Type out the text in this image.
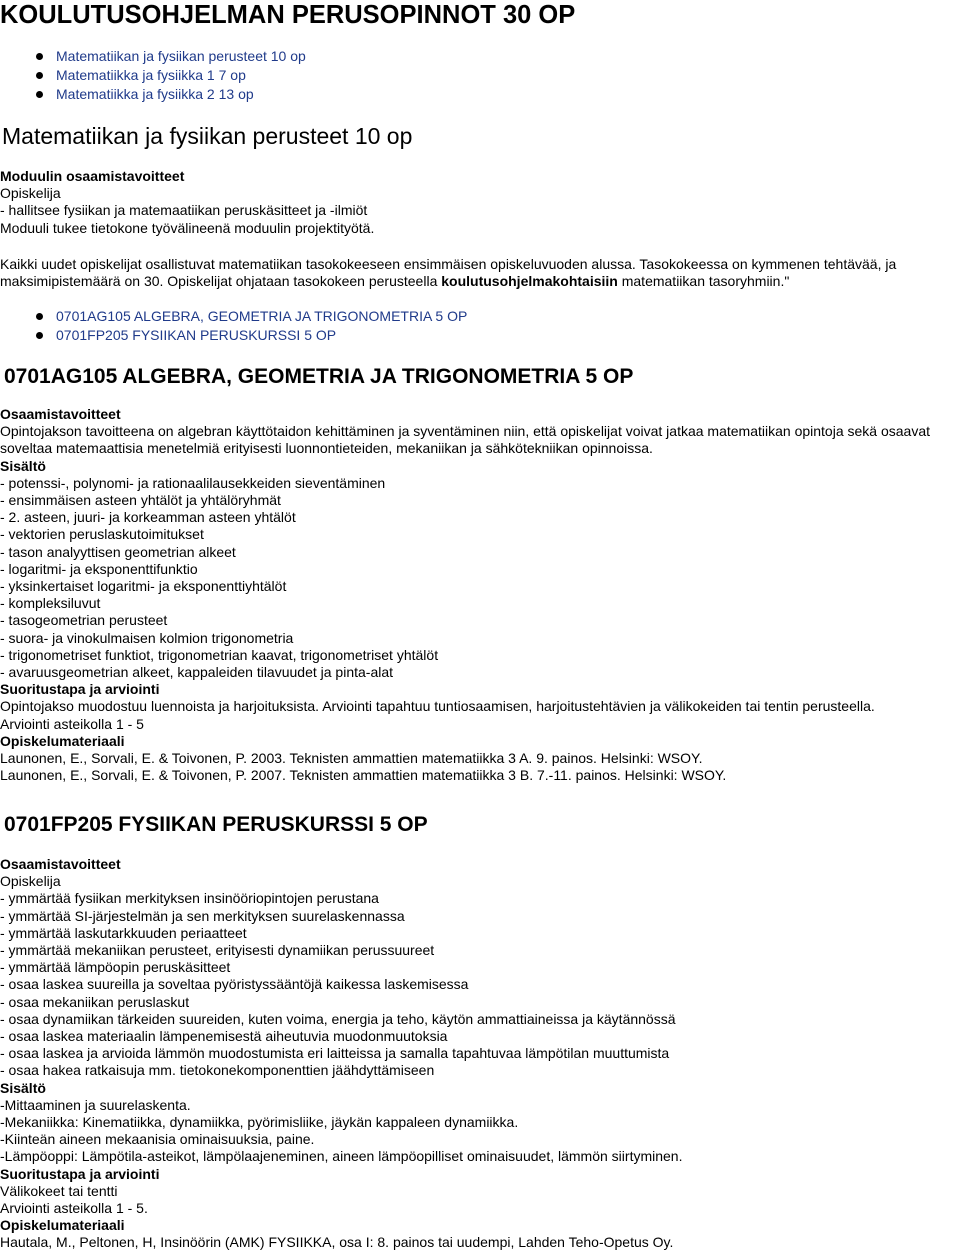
KOULUTUSOHJELMAN PERUSOPINNOT 30 OP
Matematiikan ja fysiikan perusteet 10 op
Matematiikka ja fysiikka 1 7 op
Matematiikka ja fysiikka 2 13 op
Matematiikan ja fysiikan perusteet 10 op
Moduulin osaamistavoitteet
Opiskelija
- hallitsee fysiikan ja matemaatiikan peruskäsitteet ja -ilmiöt
Moduuli tukee tietokone työvälineenä moduulin projektityötä.
Kaikki uudet opiskelijat osallistuvat matematiikan tasokokeeseen ensimmäisen opiskeluvuoden alussa. Tasokokeessa on kymmenen tehtävää, ja maksimipistemäärä on 30. Opiskelijat ohjataan tasokokeen perusteella koulutusohjelmakohtaisiin matematiikan tasoryhmiin."
0701AG105 ALGEBRA, GEOMETRIA JA TRIGONOMETRIA 5 OP
0701FP205 FYSIIKAN PERUSKURSSI 5 OP
0701AG105 ALGEBRA, GEOMETRIA JA TRIGONOMETRIA 5 OP
Osaamistavoitteet
Opintojakson tavoitteena on algebran käyttötaidon kehittäminen ja syventäminen niin, että opiskelijat voivat jatkaa matematiikan opintoja sekä osaavat soveltaa matemaattisia menetelmiä erityisesti luonnontieteiden, mekaniikan ja sähkötekniikan opinnoissa.
Sisältö
- potenssi-, polynomi- ja rationaalilausekkeiden sieventäminen
- ensimmäisen asteen yhtälöt ja yhtälöryhmät
- 2. asteen, juuri- ja korkeamman asteen yhtälöt
- vektorien peruslaskutoimitukset
- tason analyyttisen geometrian alkeet
- logaritmi- ja eksponenttifunktio
- yksinkertaiset logaritmi- ja eksponenttiyhtälöt
- kompleksiluvut
- tasogeometrian perusteet
- suora- ja vinokulmaisen kolmion trigonometria
- trigonometriset funktiot, trigonometrian kaavat, trigonometriset yhtälöt
- avaruusgeometrian alkeet, kappaleiden tilavuudet ja pinta-alat
Suoritustapa ja arviointi
Opintojakso muodostuu luennoista ja harjoituksista. Arviointi tapahtuu tuntiosaamisen, harjoitustehtävien ja välikokeiden tai tentin perusteella.
Arviointi asteikolla 1 - 5
Opiskelumateriaali
Launonen, E., Sorvali, E. & Toivonen, P. 2003. Teknisten ammattien matematiikka 3 A. 9. painos. Helsinki: WSOY.
Launonen, E., Sorvali, E. & Toivonen, P. 2007. Teknisten ammattien matematiikka 3 B. 7.-11. painos. Helsinki: WSOY.
0701FP205 FYSIIKAN PERUSKURSSI 5 OP
Osaamistavoitteet
Opiskelija
- ymmärtää fysiikan merkityksen insinööriopintojen perustana
- ymmärtää SI-järjestelmän ja sen merkityksen suurelaskennassa
- ymmärtää laskutarkkuuden periaatteet
- ymmärtää mekaniikan perusteet, erityisesti dynamiikan perussuureet
- ymmärtää lämpöopin peruskäsitteet
- osaa laskea suureilla ja soveltaa pyöristyssääntöjä kaikessa laskemisessa
- osaa mekaniikan peruslaskut
- osaa dynamiikan tärkeiden suureiden, kuten voima, energia ja teho, käytön ammattiaineissa ja käytännössä
- osaa laskea materiaalin lämpenemisestä aiheutuvia muodonmuutoksia
- osaa laskea ja arvioida lämmön muodostumista eri laitteissa ja samalla tapahtuvaa lämpötilan muuttumista
- osaa hakea ratkaisuja mm. tietokonekomponenttien jäähdyttämiseen
Sisältö
-Mittaaminen ja suurelaskenta.
-Mekaniikka: Kinematiikka, dynamiikka, pyörimisliike, jäykän kappaleen dynamiikka.
-Kiinteän aineen mekaanisia ominaisuuksia, paine.
-Lämpöoppi: Lämpötila-asteikot, lämpölaajeneminen, aineen lämpöopilliset ominaisuudet, lämmön siirtyminen.
Suoritustapa ja arviointi
Välikokeet tai tentti
Arviointi asteikolla 1 - 5.
Opiskelumateriaali
Hautala, M., Peltonen, H, Insinöörin (AMK) FYSIIKKA, osa I: 8. painos tai uudempi, Lahden Teho-Opetus Oy.
